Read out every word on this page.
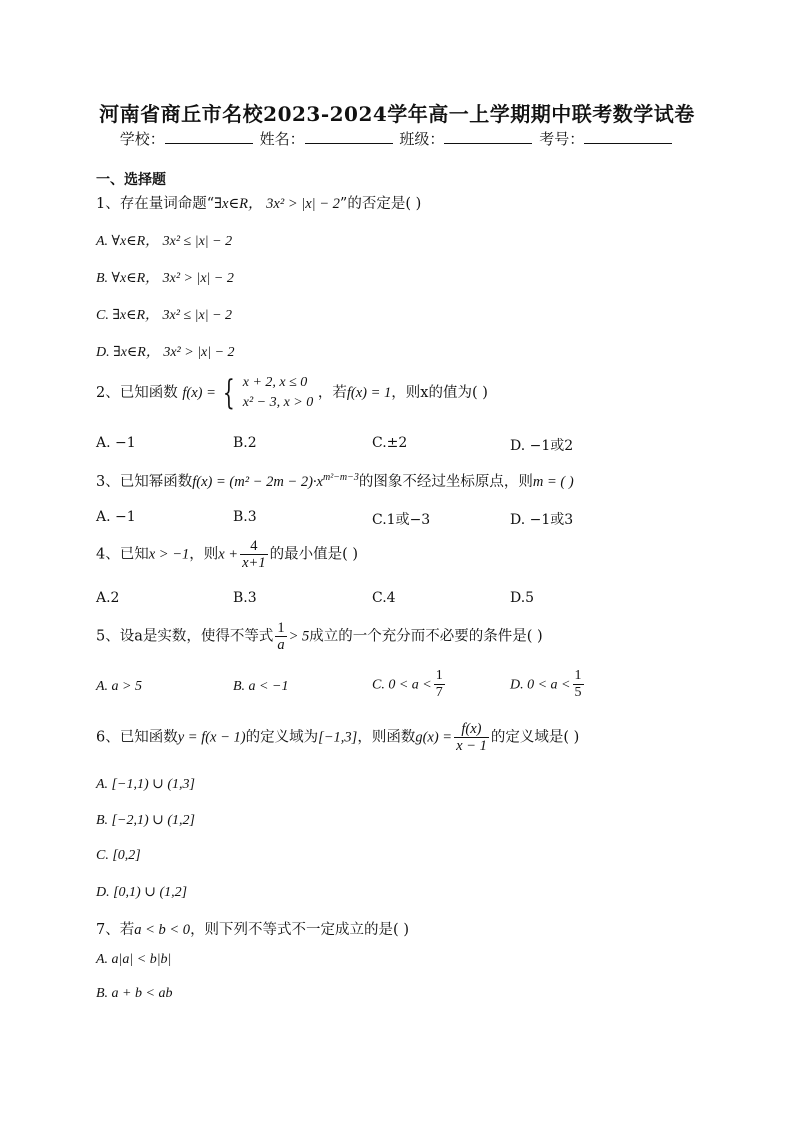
河南省商丘市名校2023-2024学年高一上学期期中联考数学试卷
学校：	姓名：	班级：	考号：
一、选择题
1、存在量词命题“∃x∈R， 3x² > |x| − 2”的否定是( )
A. ∀x∈R， 3x² ≤ |x| − 2
B. ∀x∈R， 3x² > |x| − 2
C. ∃x∈R， 3x² ≤ |x| − 2
D. ∃x∈R， 3x² > |x| − 2
2、已知函数 f(x) = { x + 2, x ≤ 0
x² − 3, x > 0
，若f(x) = 1，则x的值为( )
A. −1	B.2	C.±2	D. −1或2
3、已知幂函数$f(x) = (m^2 - 2m - 2)\cdot x^{m^2-m-3}$的图象不经过坐标原点，则m = ( )
A. −1	B.3	C.1或−3	D. −1或3
4、已知x > −1，则$x + \frac{4}{x+1}$ 的最小值是( )
A.2	B.3	C.4	D.5
5、设a是实数，使得不等式 $\frac{1}{a} > 5$成立的一个充分而不必要的条件是( )
A. a > 5	B. a < −1	C. $0 < a < \frac{1}{7}$	D. $0 < a < \frac{1}{5}$
6、已知函数y = f(x − 1)的定义域为[−1,3]，则函数$g(x) = \frac{f(x)}{x - 1}$ 的定义域是( )
A. [−1,1) ∪ (1,3]
B. [−2,1) ∪ (1,2]
C. [0,2]
D. [0,1) ∪ (1,2]
7、若a < b < 0，则下列不等式不一定成立的是( )
A. a|a| < b|b|
B. a + b < ab
